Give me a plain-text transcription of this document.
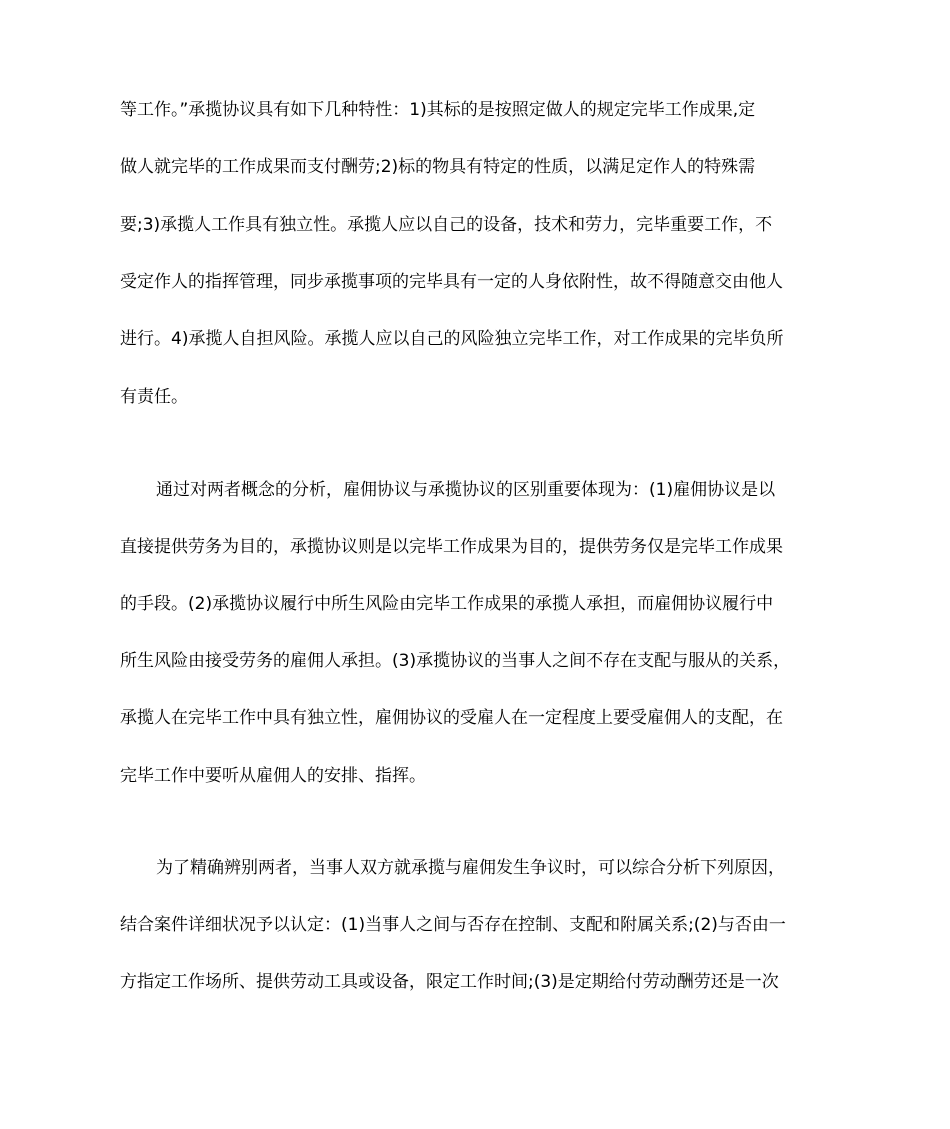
等工作。”承揽协议具有如下几种特性：1)其标的是按照定做人的规定完毕工作成果,定
做人就完毕的工作成果而支付酬劳;2)标的物具有特定的性质，以满足定作人的特殊需
要;3)承揽人工作具有独立性。承揽人应以自己的设备，技术和劳力，完毕重要工作，不
受定作人的指挥管理，同步承揽事项的完毕具有一定的人身依附性，故不得随意交由他人
进行。4)承揽人自担风险。承揽人应以自己的风险独立完毕工作，对工作成果的完毕负所
有责任。
通过对两者概念的分析，雇佣协议与承揽协议的区别重要体现为：(1)雇佣协议是以
直接提供劳务为目的，承揽协议则是以完毕工作成果为目的，提供劳务仅是完毕工作成果
的手段。(2)承揽协议履行中所生风险由完毕工作成果的承揽人承担，而雇佣协议履行中
所生风险由接受劳务的雇佣人承担。(3)承揽协议的当事人之间不存在支配与服从的关系，
承揽人在完毕工作中具有独立性，雇佣协议的受雇人在一定程度上要受雇佣人的支配，在
完毕工作中要听从雇佣人的安排、指挥。
为了精确辨别两者，当事人双方就承揽与雇佣发生争议时，可以综合分析下列原因，
结合案件详细状况予以认定：(1)当事人之间与否存在控制、支配和附属关系;(2)与否由一
方指定工作场所、提供劳动工具或设备，限定工作时间;(3)是定期给付劳动酬劳还是一次
